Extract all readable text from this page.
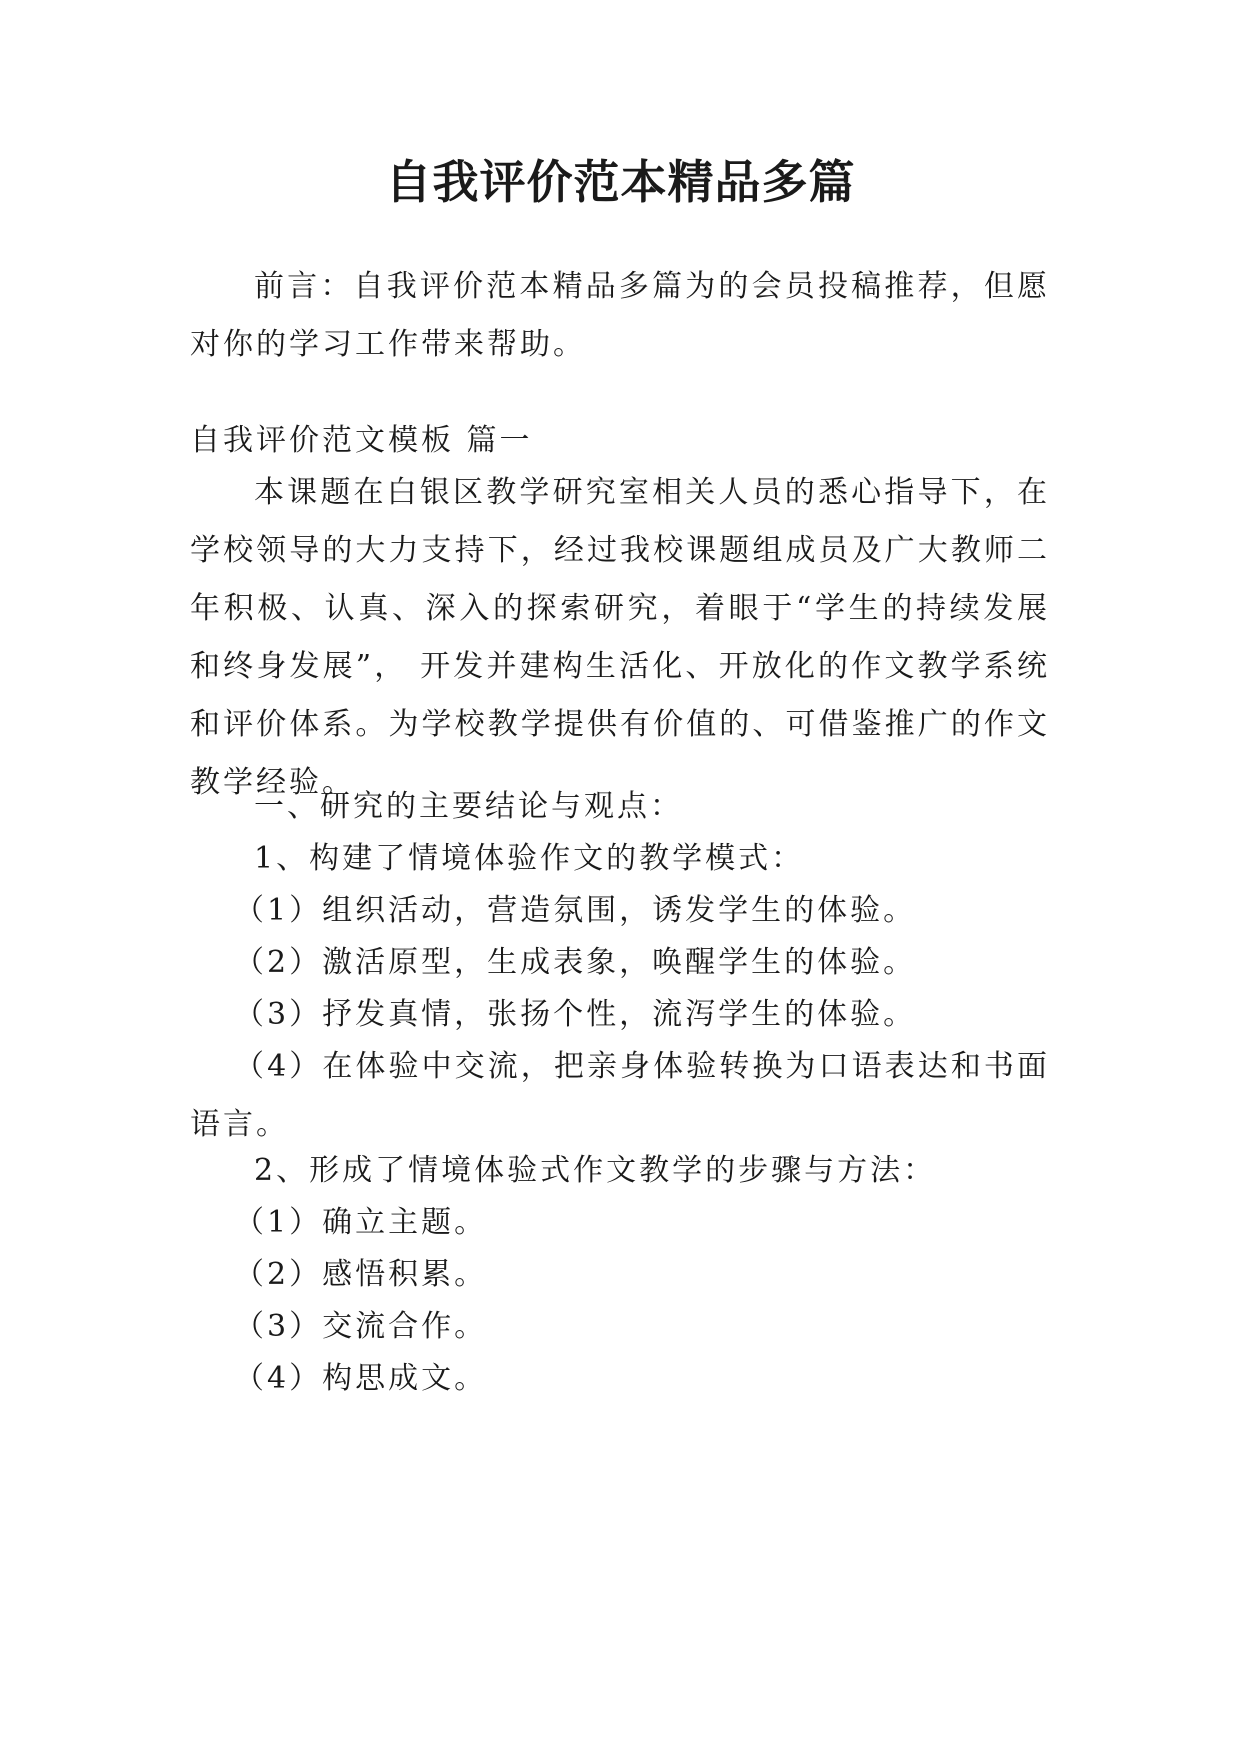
自我评价范本精品多篇

前言：自我评价范本精品多篇为的会员投稿推荐，但愿对你的学习工作带来帮助。

自我评价范文模板 篇一

本课题在白银区教学研究室相关人员的悉心指导下，在学校领导的大力支持下，经过我校课题组成员及广大教师二年积极、认真、深入的探索研究，着眼于“学生的持续发展和终身发展”， 开发并建构生活化、开放化的作文教学系统和评价体系。为学校教学提供有价值的、可借鉴推广的作文教学经验。

一、研究的主要结论与观点：

1、构建了情境体验作文的教学模式：

（1）组织活动，营造氛围，诱发学生的体验。

（2）激活原型，生成表象，唤醒学生的体验。

（3）抒发真情，张扬个性，流泻学生的体验。

（4）在体验中交流，把亲身体验转换为口语表达和书面语言。

2、形成了情境体验式作文教学的步骤与方法：

（1）确立主题。

（2）感悟积累。

（3）交流合作。

（4）构思成文。
